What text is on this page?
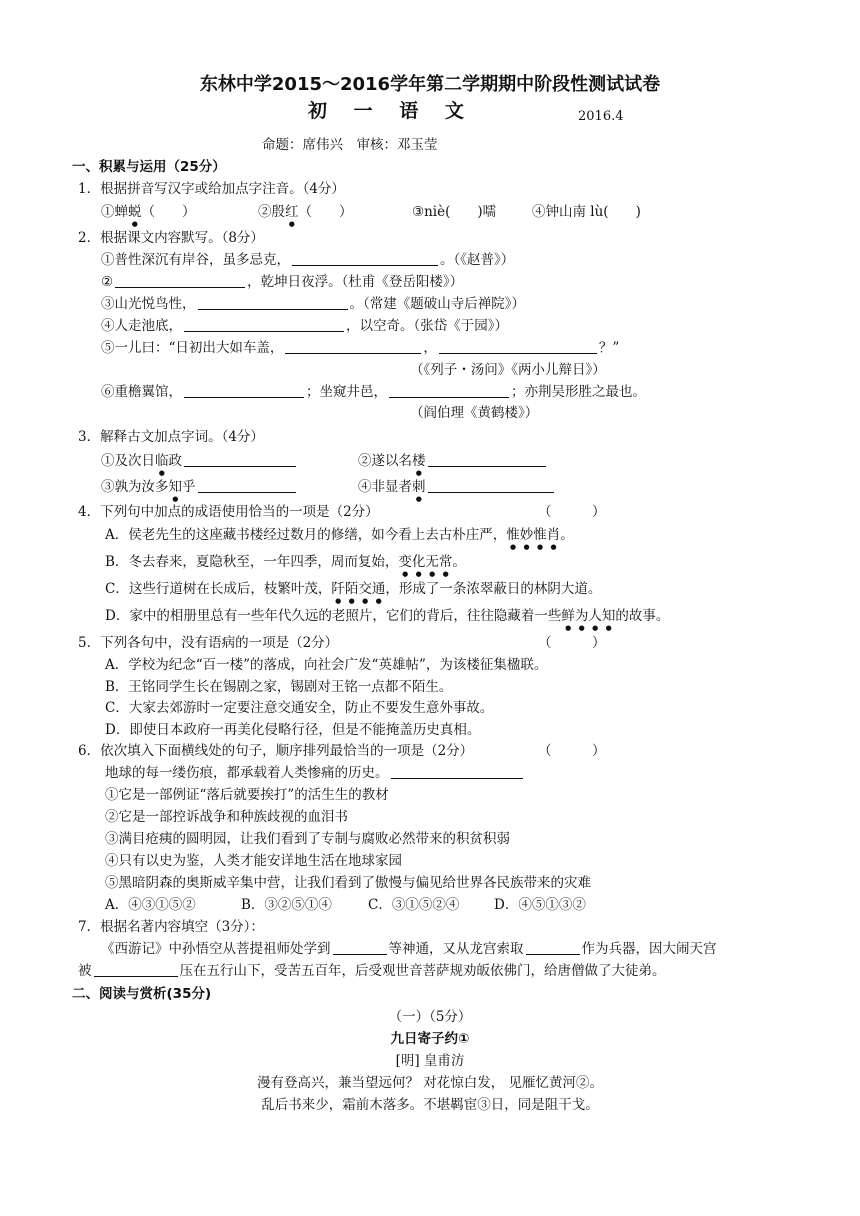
东林中学2015～2016学年第二学期期中阶段性测试试卷
初 一 语 文	2016.4
命题：席伟兴　审核：邓玉莹
一、积累与运用（25分）
1．根据拼音写汉字或给加点字注音。（4分）
①蝉蜕（　　）	②殷红（　　）	③niè(　　)嚅	④钟山南 lù(　　)
2．根据课文内容默写。（8分）
①普性深沉有岸谷，虽多忌克，	。（《赵普》）
②	，乾坤日夜浮。（杜甫《登岳阳楼》）
③山光悦鸟性，	。（常建《题破山寺后禅院》）
④人走池底，	，以空奇。（张岱《于园》）
⑤一儿曰：“日初出大如车盖，	，	？”
（《列子・汤问》《两小儿辩日》）
⑥重檐翼馆，	；坐窥井邑，	；亦荆吴形胜之最也。
（阎伯理《黄鹤楼》）
3．解释古文加点字词。（4分）
①及次日临政	②遂以名楼
③孰为汝多知乎	④非显者刺
4．下列句中加点的成语使用恰当的一项是（2分）	（　　　）
A．侯老先生的这座藏书楼经过数月的修缮，如今看上去古朴庄严，惟妙惟肖。
B．冬去春来，夏隐秋至，一年四季，周而复始，变化无常。
C．这些行道树在长成后，枝繁叶茂，阡陌交通，形成了一条浓翠蔽日的林阴大道。
D．家中的相册里总有一些年代久远的老照片，它们的背后，往往隐藏着一些鲜为人知的故事。
5．下列各句中，没有语病的一项是（2分）	（　　　）
A．学校为纪念“百一楼”的落成，向社会广发“英雄帖”，为该楼征集楹联。
B．王铭同学生长在锡剧之家，锡剧对王铭一点都不陌生。
C．大家去郊游时一定要注意交通安全，防止不要发生意外事故。
D．即使日本政府一再美化侵略行径，但是不能掩盖历史真相。
6．依次填入下面横线处的句子，顺序排列最恰当的一项是（2分）	（　　　）
地球的每一缕伤痕，都承载着人类惨痛的历史。
①它是一部例证“落后就要挨打”的活生生的教材
②它是一部控诉战争和种族歧视的血泪书
③满目疮痍的圆明园，让我们看到了专制与腐败必然带来的积贫积弱
④只有以史为鉴，人类才能安详地生活在地球家园
⑤黑暗阴森的奥斯威辛集中营，让我们看到了傲慢与偏见给世界各民族带来的灾难
A．④③①⑤②	B．③②⑤①④	C．③①⑤②④	D．④⑤①③②
7．根据名著内容填空（3分）：
《西游记》中孙悟空从菩提祖师处学到	等神通，又从龙宫索取	作为兵器，因大闹天宫
被	压在五行山下，受苦五百年，后受观世音菩萨规劝皈依佛门，给唐僧做了大徒弟。
二、阅读与赏析(35分)
（一）（5分）
九日寄子约①
[明] 皇甫汸
漫有登高兴，兼当望远何？ 对花惊白发， 见雁忆黄河②。
乱后书来少，霜前木落多。不堪羁宦③日，同是阻干戈。
